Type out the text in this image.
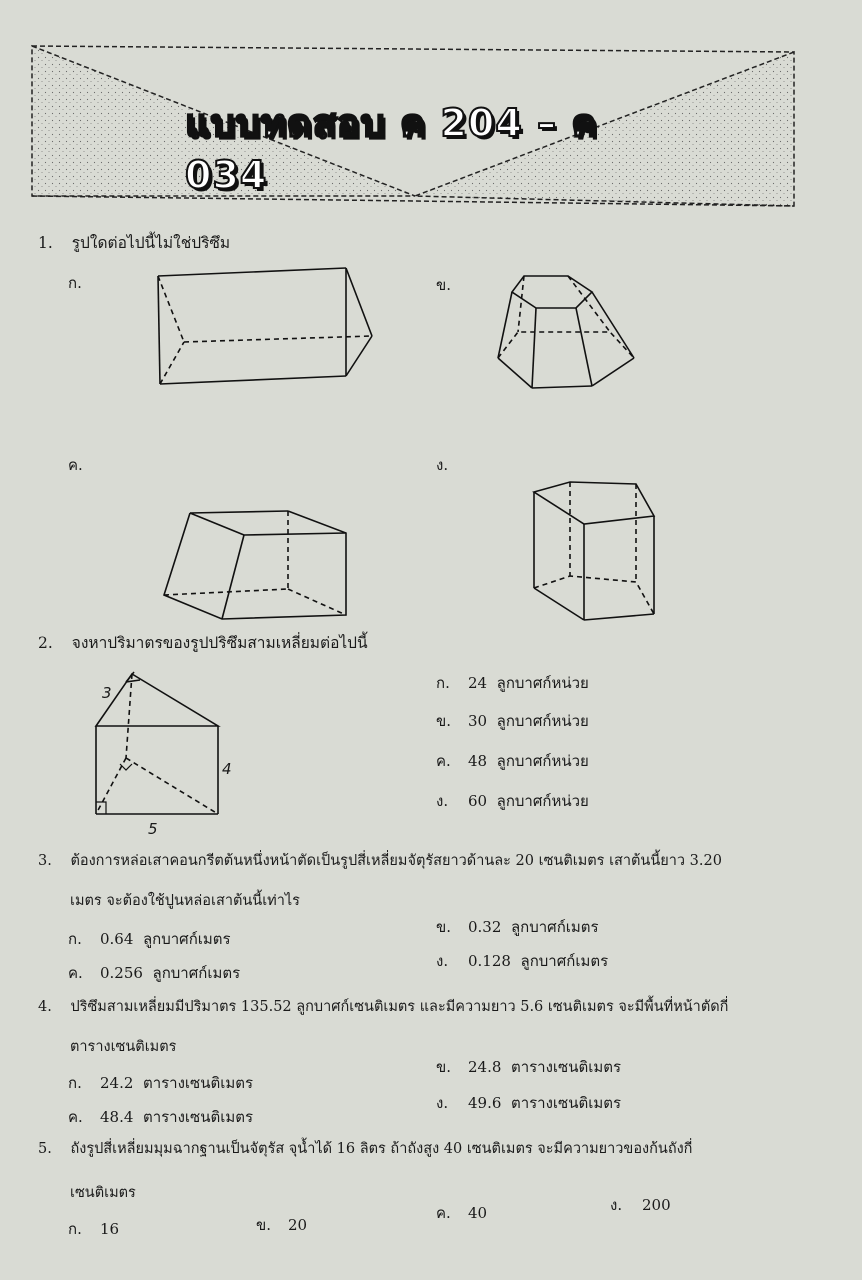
แบบทดสอบ ค 204 – ค 034
1. รูปใดต่อไปนี้ไม่ใช่ปริซึม
ก.	ข.
ค.	ง.
2. จงหาปริมาตรของรูปปริซึมสามเหลี่ยมต่อไปนี้
3
4
5
ก. 24 ลูกบาศก์หน่วย
ข. 30 ลูกบาศก์หน่วย
ค. 48 ลูกบาศก์หน่วย
ง. 60 ลูกบาศก์หน่วย
3. ต้องการหล่อเสาคอนกรีตต้นหนึ่งหน้าตัดเป็นรูปสี่เหลี่ยมจัตุรัสยาวด้านละ 20 เซนติเมตร เสาต้นนี้ยาว 3.20
เมตร จะต้องใช้ปูนหล่อเสาต้นนี้เท่าไร
ก. 0.64 ลูกบาศก์เมตร
ข. 0.32 ลูกบาศก์เมตร
ค. 0.256 ลูกบาศก์เมตร
ง. 0.128 ลูกบาศก์เมตร
4. ปริซึมสามเหลี่ยมมีปริมาตร 135.52 ลูกบาศก์เซนติเมตร และมีความยาว 5.6 เซนติเมตร จะมีพื้นที่หน้าตัดกี่
ตารางเซนติเมตร
ก. 24.2 ตารางเซนติเมตร
ข. 24.8 ตารางเซนติเมตร
ค. 48.4 ตารางเซนติเมตร
ง. 49.6 ตารางเซนติเมตร
5. ถังรูปสี่เหลี่ยมมุมฉากฐานเป็นจัตุรัส จุน้ำได้ 16 ลิตร ถ้าถังสูง 40 เซนติเมตร จะมีความยาวของก้นถังกี่
เซนติเมตร
ก. 16	ข. 20
ค. 40	ง. 200
